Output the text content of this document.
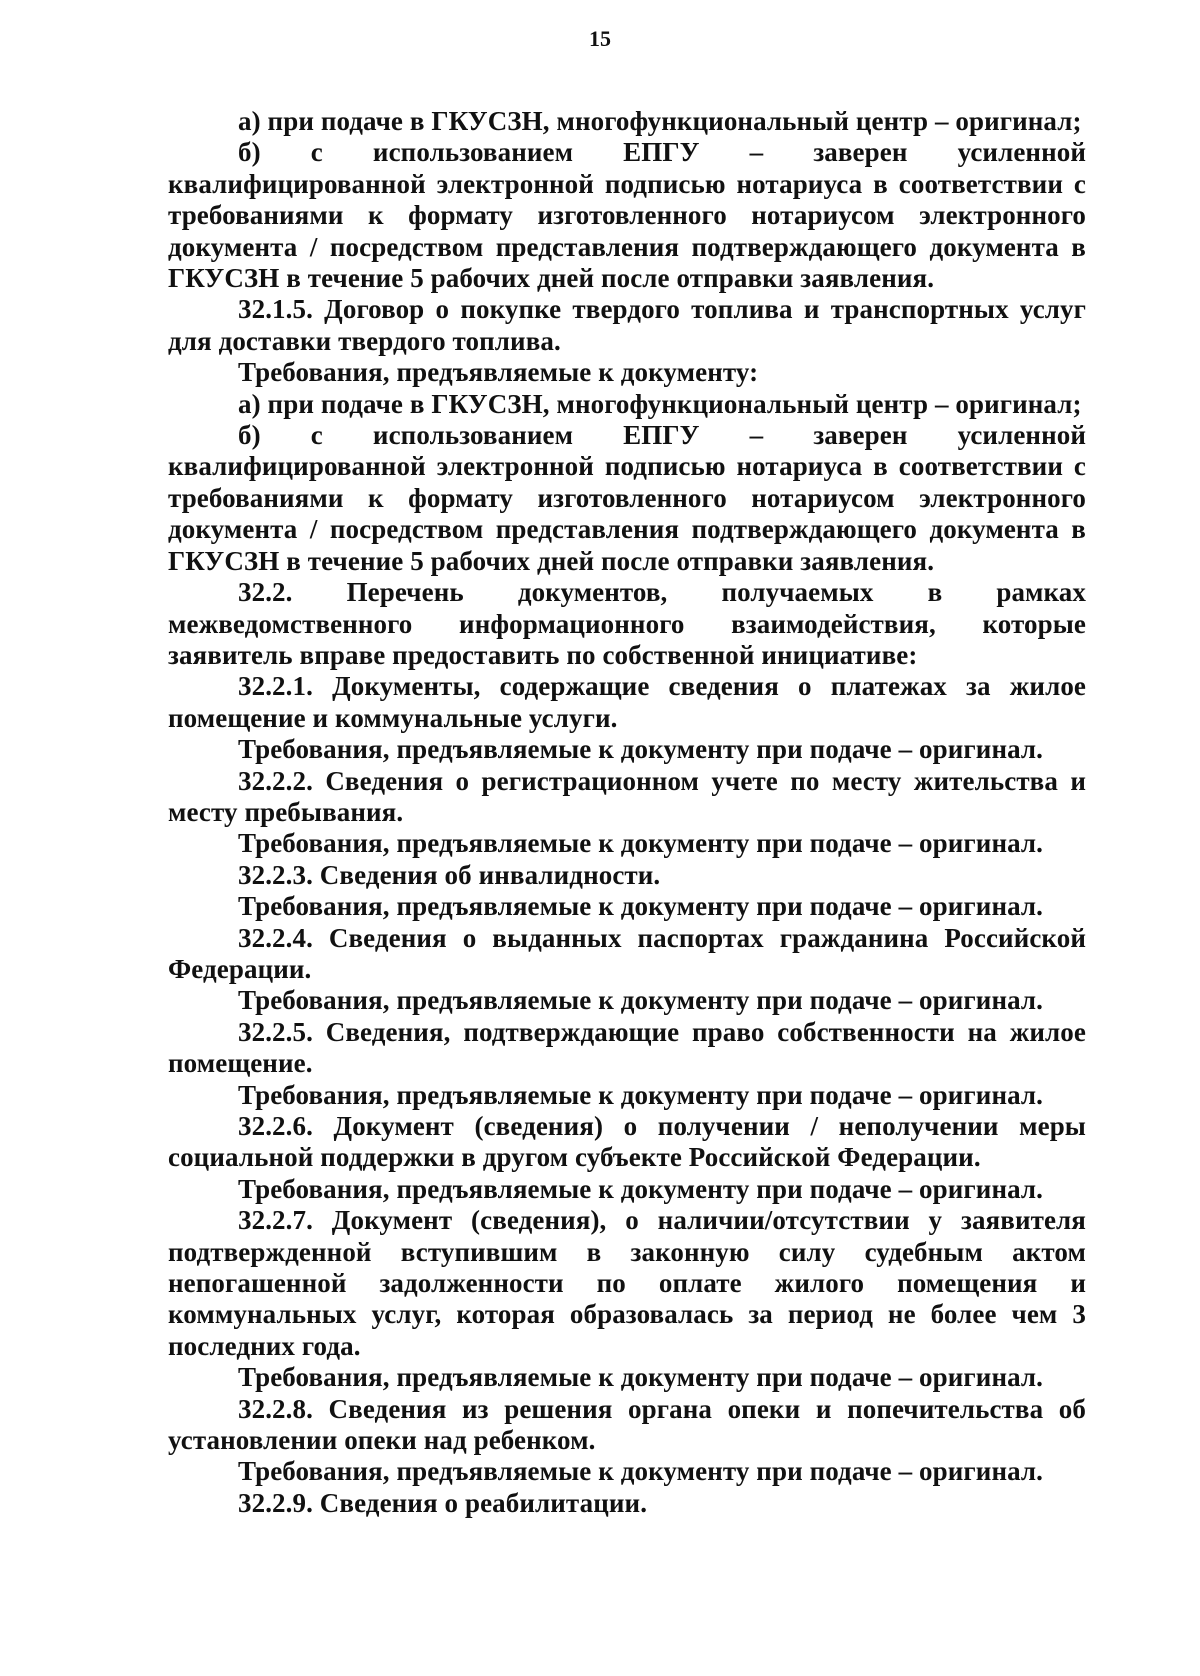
15

а) при подаче в ГКУСЗН, многофункциональный центр – оригинал;

б) с использованием ЕПГУ – заверен усиленной квалифицированной электронной подписью нотариуса в соответствии с требованиями к формату изготовленного нотариусом электронного документа / посредством представления подтверждающего документа в ГКУСЗН в течение 5 рабочих дней после отправки заявления.

32.1.5. Договор о покупке твердого топлива и транспортных услуг для доставки твердого топлива.

Требования, предъявляемые к документу:

а) при подаче в ГКУСЗН, многофункциональный центр – оригинал;

б) с использованием ЕПГУ – заверен усиленной квалифицированной электронной подписью нотариуса в соответствии с требованиями к формату изготовленного нотариусом электронного документа / посредством представления подтверждающего документа в ГКУСЗН в течение 5 рабочих дней после отправки заявления.

32.2. Перечень документов, получаемых в рамках межведомственного информационного взаимодействия, которые заявитель вправе предоставить по собственной инициативе:

32.2.1. Документы, содержащие сведения о платежах за жилое помещение и коммунальные услуги.

Требования, предъявляемые к документу при подаче – оригинал.

32.2.2. Сведения о регистрационном учете по месту жительства и месту пребывания.

Требования, предъявляемые к документу при подаче – оригинал.

32.2.3. Сведения об инвалидности.

Требования, предъявляемые к документу при подаче – оригинал.

32.2.4. Сведения о выданных паспортах гражданина Российской Федерации.

Требования, предъявляемые к документу при подаче – оригинал.

32.2.5. Сведения, подтверждающие право собственности на жилое помещение.

Требования, предъявляемые к документу при подаче – оригинал.

32.2.6. Документ (сведения) о получении / неполучении меры социальной поддержки в другом субъекте Российской Федерации.

Требования, предъявляемые к документу при подаче – оригинал.

32.2.7. Документ (сведения), о наличии/отсутствии у заявителя подтвержденной вступившим в законную силу судебным актом непогашенной задолженности по оплате жилого помещения и коммунальных услуг, которая образовалась за период не более чем 3 последних года.

Требования, предъявляемые к документу при подаче – оригинал.

32.2.8. Сведения из решения органа опеки и попечительства об установлении опеки над ребенком.

Требования, предъявляемые к документу при подаче – оригинал.

32.2.9. Сведения о реабилитации.
